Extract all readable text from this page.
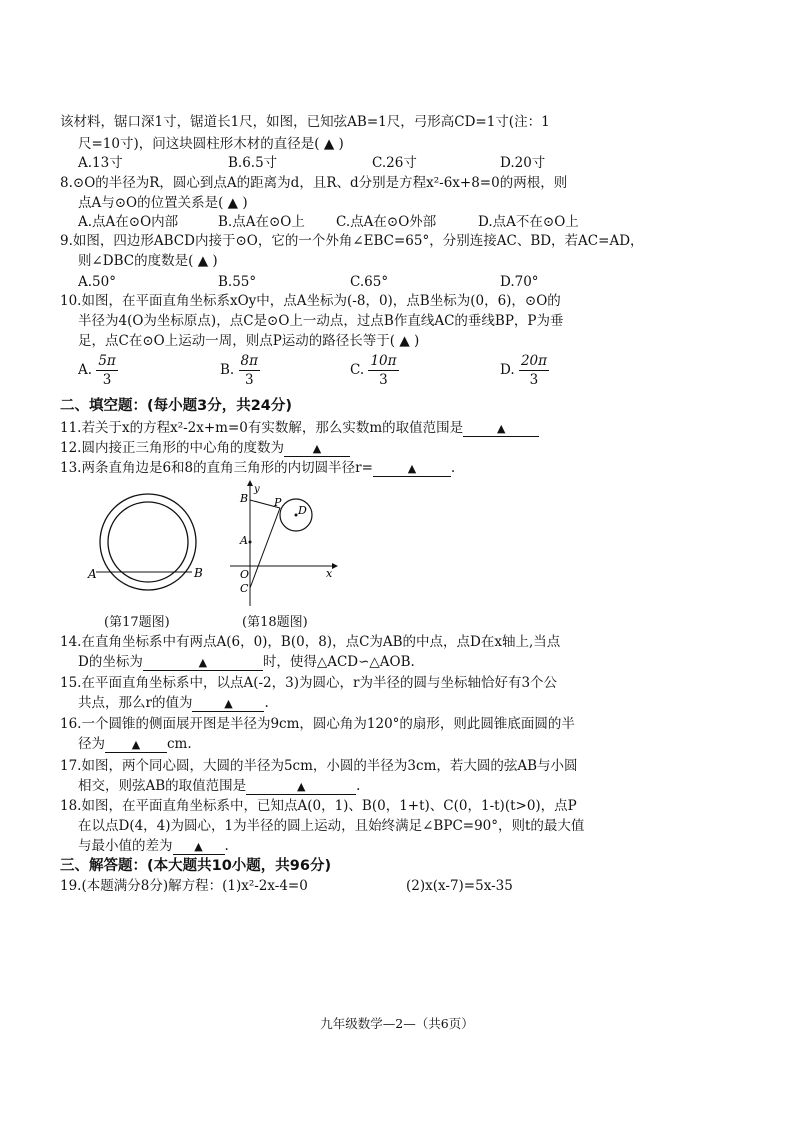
该材料，锯口深1寸，锯道长1尺，如图，已知弦AB=1尺，弓形高CD=1寸(注：1
尺=10寸)，问这块圆柱形木材的直径是( ▲ )
A.13寸	B.6.5寸	C.26寸	D.20寸
8.⊙O的半径为R，圆心到点A的距离为d，且R、d分别是方程x²-6x+8=0的两根，则
点A与⊙O的位置关系是( ▲ )
A.点A在⊙O内部	B.点A在⊙O上 C.点A在⊙O外部	D.点A不在⊙O上
9.如图，四边形ABCD内接于⊙O，它的一个外角∠EBC=65°，分别连接AC、BD，若AC=AD，
则∠DBC的度数是( ▲ )
A.50°	B.55°	C.65°	D.70°
10.如图，在平面直角坐标系xOy中，点A坐标为(-8，0)，点B坐标为(0，6)，⊙O的
半径为4(O为坐标原点)，点C是⊙O上一动点，过点B作直线AC的垂线BP，P为垂
足，点C在⊙O上运动一周，则点P运动的路径长等于( ▲ )
A. $\frac{5\pi}{3}$	B. $\frac{8\pi}{3}$	C. $\frac{10\pi}{3}$	D. $\frac{20\pi}{3}$
二、填空题：(每小题3分，共24分)
11.若关于x的方程x²-2x+m=0有实数解，那么实数m的取值范围是	▲
12.圆内接正三角形的中心角的度数为	▲
13.两条直角边是6和8的直角三角形的内切圆半径r=	▲	.
A	B
(第17题图)
y
B P
D
A
O
C
x
(第18题图)
14.在直角坐标系中有两点A(6，0)，B(0，8)，点C为AB的中点，点D在x轴上,当点
D的坐标为	▲	时，使得△ACD∽△AOB.
15.在平面直角坐标系中，以点A(-2，3)为圆心，r为半径的圆与坐标轴恰好有3个公
共点，那么r的值为	▲ .
16.一个圆锥的侧面展开图是半径为9cm，圆心角为120°的扇形，则此圆锥底面圆的半
径为 ▲ cm.
17.如图，两个同心圆，大圆的半径为5cm，小圆的半径为3cm，若大圆的弦AB与小圆
相交，则弦AB的取值范围是	▲	.
18.如图，在平面直角坐标系中，已知点A(0，1)、B(0，1+t)、C(0，1-t)(t>0)，点P
在以点D(4，4)为圆心，1为半径的圆上运动，且始终满足∠BPC=90°，则t的最大值
与最小值的差为 ▲ .
三、解答题：(本大题共10小题，共96分)
19.(本题满分8分)解方程：(1)x²-2x-4=0	(2)x(x-7)=5x-35
九年级数学—2—（共6页）
